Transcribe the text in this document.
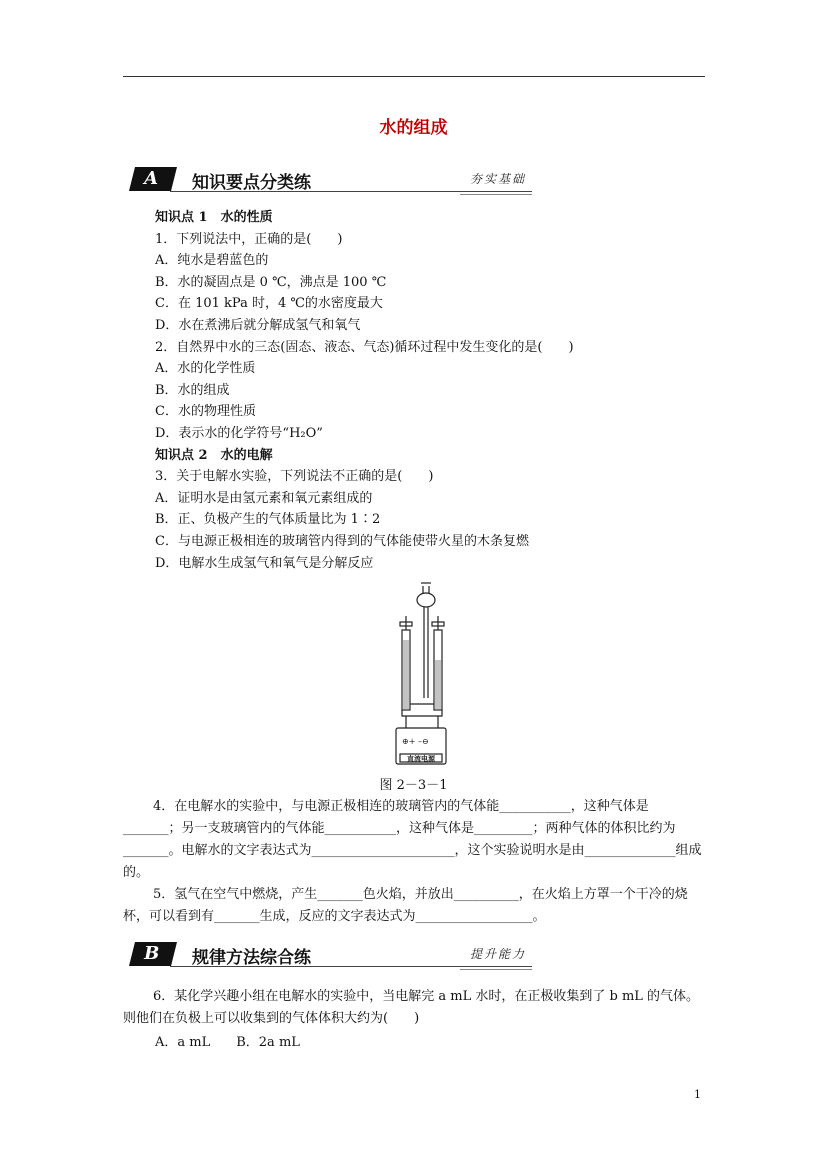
水的组成
A 知识要点分类练	夯实基础
知识点 1　水的性质
1．下列说法中，正确的是(　　)
A．纯水是碧蓝色的
B．水的凝固点是 0 ℃，沸点是 100 ℃
C．在 101 kPa 时，4 ℃的水密度最大
D．水在煮沸后就分解成氢气和氧气
2．自然界中水的三态(固态、液态、气态)循环过程中发生变化的是(　　)
A．水的化学性质
B．水的组成
C．水的物理性质
D．表示水的化学符号“H₂O”
知识点 2　水的电解
3．关于电解水实验，下列说法不正确的是(　　)
A．证明水是由氢元素和氧元素组成的
B．正、负极产生的气体质量比为 1∶2
C．与电源正极相连的玻璃管内得到的气体能使带火星的木条复燃
D．电解水生成氢气和氧气是分解反应
⊕+ –⊖
直流电源
图 2－3－1
4．在电解水的实验中，与电源正极相连的玻璃管内的气体能___________，这种气体是_______；另一支玻璃管内的气体能___________，这种气体是_________；两种气体的体积比约为_______。电解水的文字表达式为______________________，这个实验说明水是由______________组成的。
5．氢气在空气中燃烧，产生_______色火焰，并放出__________，在火焰上方罩一个干冷的烧杯，可以看到有_______生成，反应的文字表达式为__________________。
B 规律方法综合练	提升能力
6．某化学兴趣小组在电解水的实验中，当电解完 a mL 水时，在正极收集到了 b mL 的气体。则他们在负极上可以收集到的气体体积大约为(　　)
A．a mL　　B．2a mL
1
